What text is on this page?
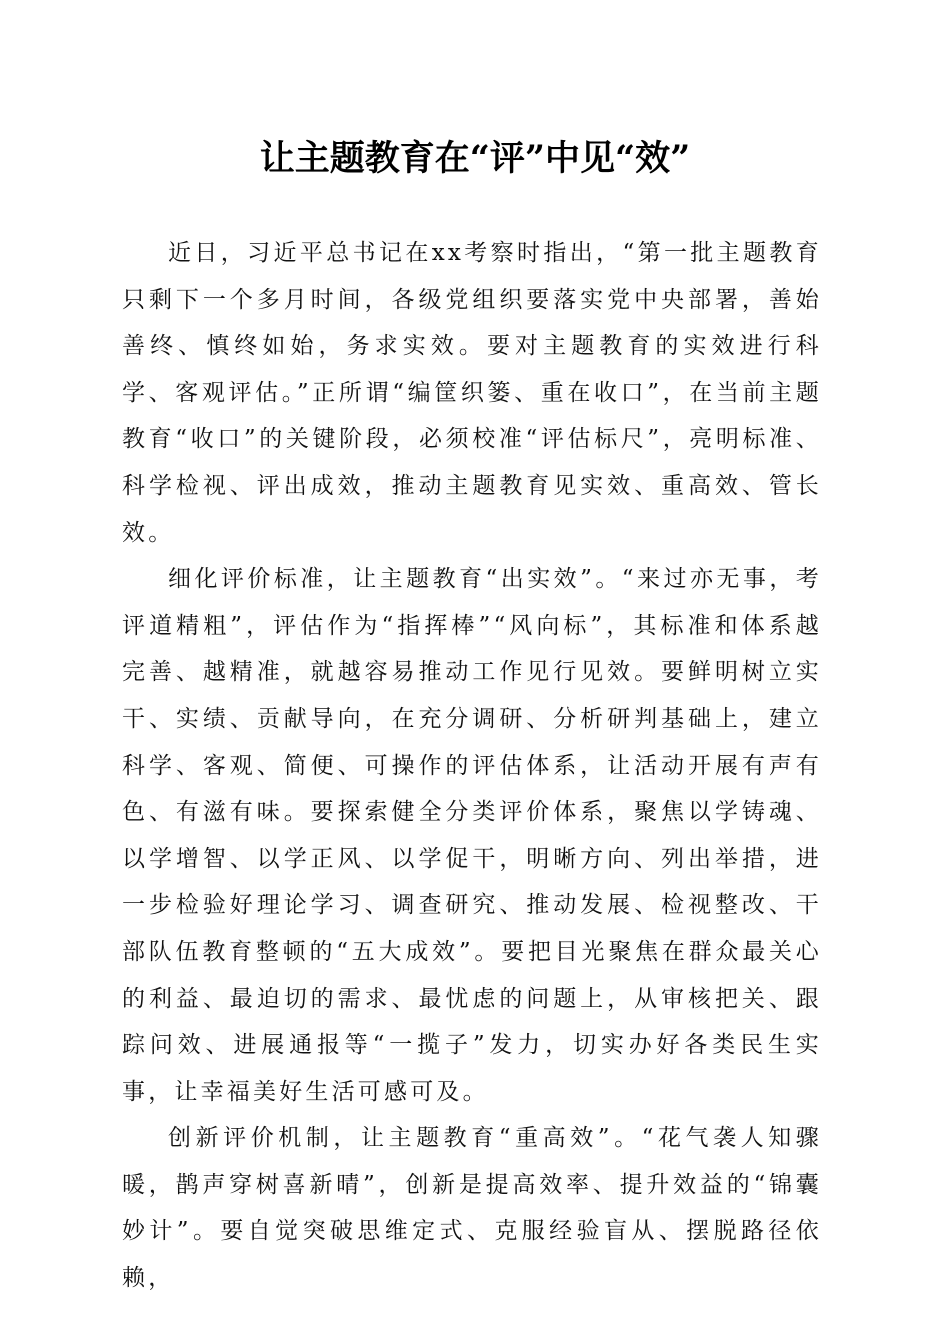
让主题教育在“评”中见“效”

近日，习近平总书记在xx考察时指出，“第一批主题教育只剩下一个多月时间，各级党组织要落实党中央部署，善始善终、慎终如始，务求实效。要对主题教育的实效进行科学、客观评估。”正所谓“编筐织篓、重在收口”，在当前主题教育“收口”的关键阶段，必须校准“评估标尺”，亮明标准、科学检视、评出成效，推动主题教育见实效、重高效、管长效。

细化评价标准，让主题教育“出实效”。“来过亦无事，考评道精粗”，评估作为“指挥棒”“风向标”，其标准和体系越完善、越精准，就越容易推动工作见行见效。要鲜明树立实干、实绩、贡献导向，在充分调研、分析研判基础上，建立科学、客观、简便、可操作的评估体系，让活动开展有声有色、有滋有味。要探索健全分类评价体系，聚焦以学铸魂、以学增智、以学正风、以学促干，明晰方向、列出举措，进一步检验好理论学习、调查研究、推动发展、检视整改、干部队伍教育整顿的“五大成效”。要把目光聚焦在群众最关心的利益、最迫切的需求、最忧虑的问题上，从审核把关、跟踪问效、进展通报等“一揽子”发力，切实办好各类民生实事，让幸福美好生活可感可及。

创新评价机制，让主题教育“重高效”。“花气袭人知骤暖，鹊声穿树喜新晴”，创新是提高效率、提升效益的“锦囊妙计”。要自觉突破思维定式、克服经验盲从、摆脱路径依赖，
